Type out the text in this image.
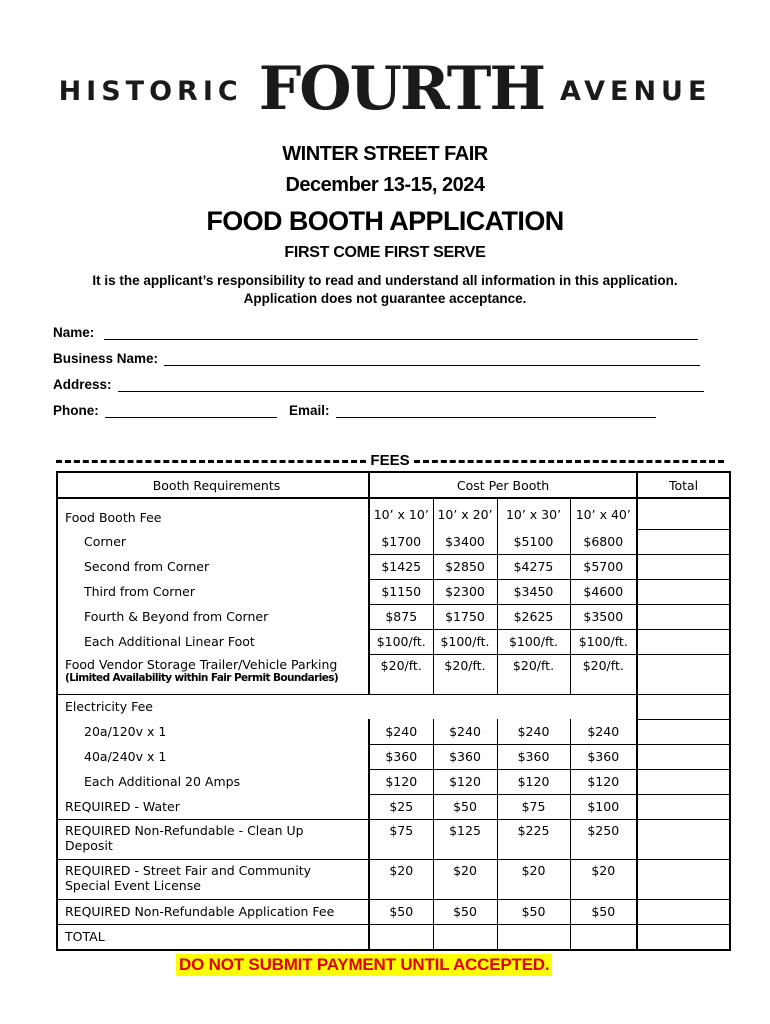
HISTORIC FOURTH AVENUE
WINTER STREET FAIR
December 13-15, 2024
FOOD BOOTH APPLICATION
FIRST COME FIRST SERVE
It is the applicant’s responsibility to read and understand all information in this application.
Application does not guarantee acceptance.
Name:
Business Name:
Address:
Phone:	Email:
FEES
Booth Requirements	Cost Per Booth				Total
Food Booth Fee	10’ x 10’	10’ x 20’	10’ x 30’	10’ x 40’	
Corner	$1700	$3400	$5100	$6800	
Second from Corner	$1425	$2850	$4275	$5700	
Third from Corner	$1150	$2300	$3450	$4600	
Fourth & Beyond from Corner	$875	$1750	$2625	$3500	
Each Additional Linear Foot	$100/ft.	$100/ft.	$100/ft.	$100/ft.	

Food Vendor Storage Trailer/Vehicle Parking
(Limited Availability within Fair Permit Boundaries)	$20/ft.	$20/ft.	$20/ft.	$20/ft.	
Electricity Fee					
20a/120v x 1	$240	$240	$240	$240	
40a/240v x 1	$360	$360	$360	$360	
Each Additional 20 Amps	$120	$120	$120	$120	
REQUIRED - Water	$25	$50	$75	$100	

REQUIRED Non-Refundable - Clean Up
Deposit	$75	$125	$225	$250	

REQUIRED - Street Fair and Community
Special Event License	$20	$20	$20	$20	
REQUIRED Non-Refundable Application Fee	$50	$50	$50	$50	
TOTAL					
DO NOT SUBMIT PAYMENT UNTIL ACCEPTED.
